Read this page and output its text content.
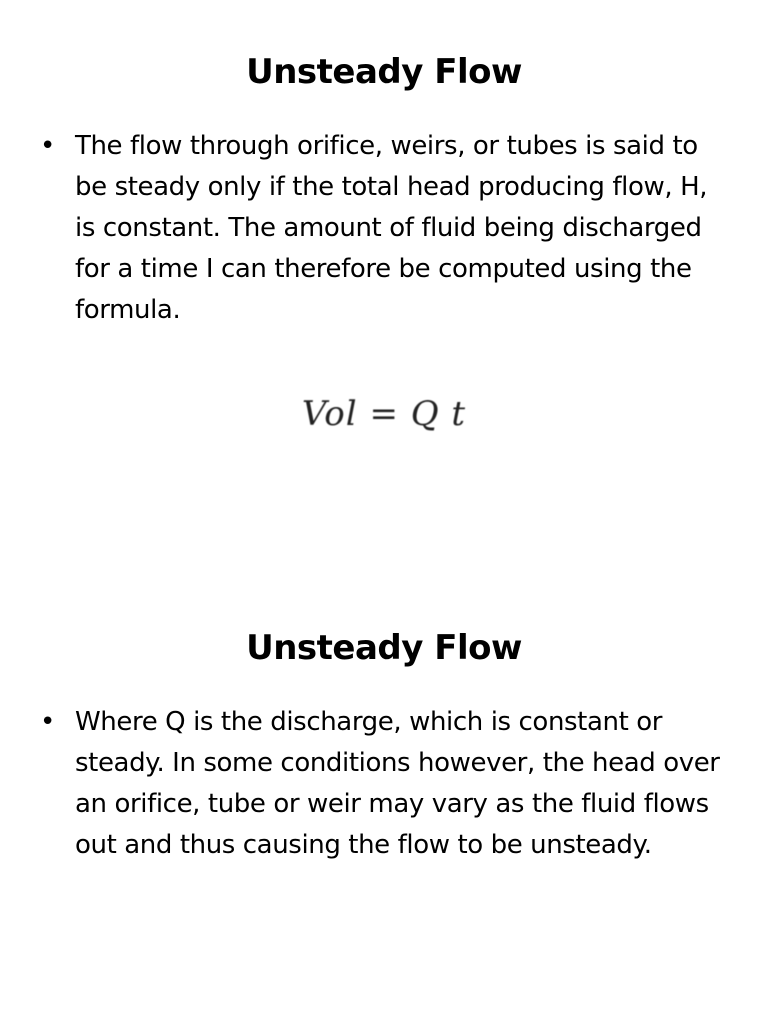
Unsteady Flow
• The flow through orifice, weirs, or tubes is said to be steady only if the total head producing flow, H, is constant. The amount of fluid being discharged for a time I can therefore be computed using the formula.

Vol = Q t
Unsteady Flow
• Where Q is the discharge, which is constant or steady. In some conditions however, the head over an orifice, tube or weir may vary as the fluid flows out and thus causing the flow to be unsteady.
